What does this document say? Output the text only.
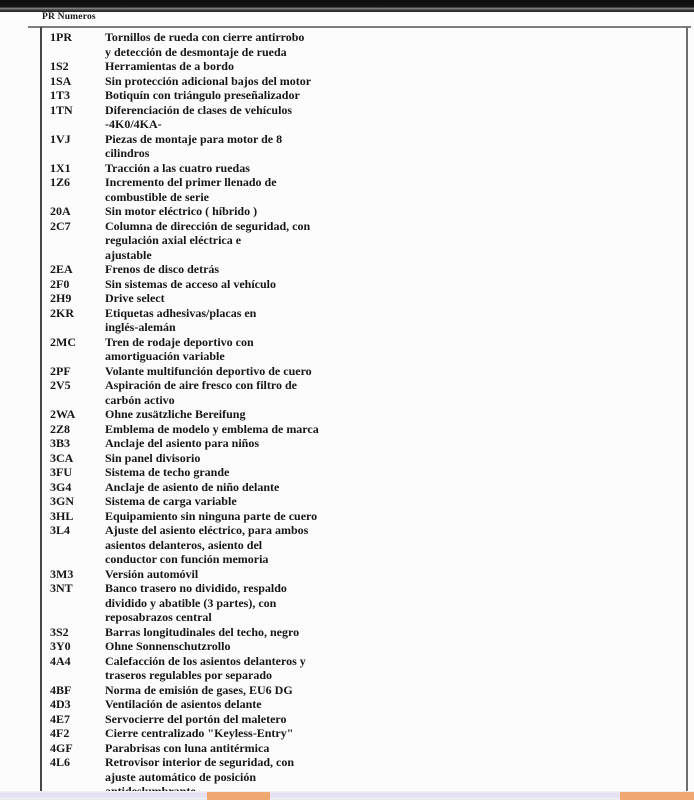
PR Numeros
1PR	Tornillos de rueda con cierre antirrobo
y detección de desmontaje de rueda
1S2	Herramientas de a bordo
1SA	Sin protección adicional bajos del motor
1T3	Botiquín con triángulo preseñalizador
1TN	Diferenciación de clases de vehículos
-4K0/4KA-
1VJ	Piezas de montaje para motor de 8
cilindros
1X1	Tracción a las cuatro ruedas
1Z6	Incremento del primer llenado de
combustible de serie
20A	Sin motor eléctrico ( híbrido )
2C7	Columna de dirección de seguridad, con
regulación axial eléctrica e
ajustable
2EA	Frenos de disco detrás
2F0	Sin sistemas de acceso al vehículo
2H9	Drive select
2KR	Etiquetas adhesivas/placas en
inglés-alemán
2MC	Tren de rodaje deportivo con
amortiguación variable
2PF	Volante multifunción deportivo de cuero
2V5	Aspiración de aire fresco con filtro de
carbón activo
2WA	Ohne zusätzliche Bereifung
2Z8	Emblema de modelo y emblema de marca
3B3	Anclaje del asiento para niños
3CA	Sin panel divisorio
3FU	Sistema de techo grande
3G4	Anclaje de asiento de niño delante
3GN	Sistema de carga variable
3HL	Equipamiento sin ninguna parte de cuero
3L4	Ajuste del asiento eléctrico, para ambos
asientos delanteros, asiento del
conductor con función memoria
3M3	Versión automóvil
3NT	Banco trasero no dividido, respaldo
dividido y abatible (3 partes), con
reposabrazos central
3S2	Barras longitudinales del techo, negro
3Y0	Ohne Sonnenschutzrollo
4A4	Calefacción de los asientos delanteros y
traseros regulables por separado
4BF	Norma de emisión de gases, EU6 DG
4D3	Ventilación de asientos delante
4E7	Servocierre del portón del maletero
4F2	Cierre centralizado "Keyless-Entry"
4GF	Parabrisas con luna antitérmica
4L6	Retrovisor interior de seguridad, con
ajuste automático de posición
